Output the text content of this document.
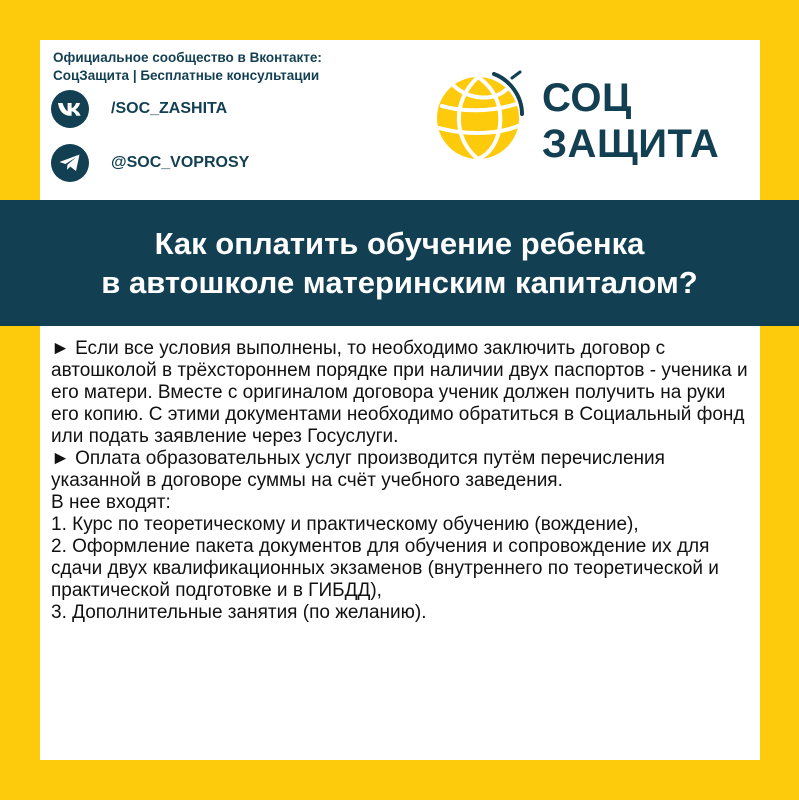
Официальное сообщество в Вконтакте:
СоцЗащита | Бесплатные консультации
/SOC_ZASHITA
@SOC_VOPROSY
СОЦ
ЗАЩИТА
Как оплатить обучение ребенка
в автошколе материнским капиталом?

► Если все условия выполнены, то необходимо заключить договор с автошколой в трёхстороннем порядке при наличии двух паспортов - ученика и его матери. Вместе с оригиналом договора ученик должен получить на руки его копию. С этими документами необходимо обратиться в Социальный фонд или подать заявление через Госуслуги.

► Оплата образовательных услуг производится путём перечисления указанной в договоре суммы на счёт учебного заведения.

В нее входят:

1. Курс по теоретическому и практическому обучению (вождение),

2. Оформление пакета документов для обучения и сопровождение их для сдачи двух квалификационных экзаменов (внутреннего по теоретической и практической подготовке и в ГИБДД),

3. Дополнительные занятия (по желанию).
